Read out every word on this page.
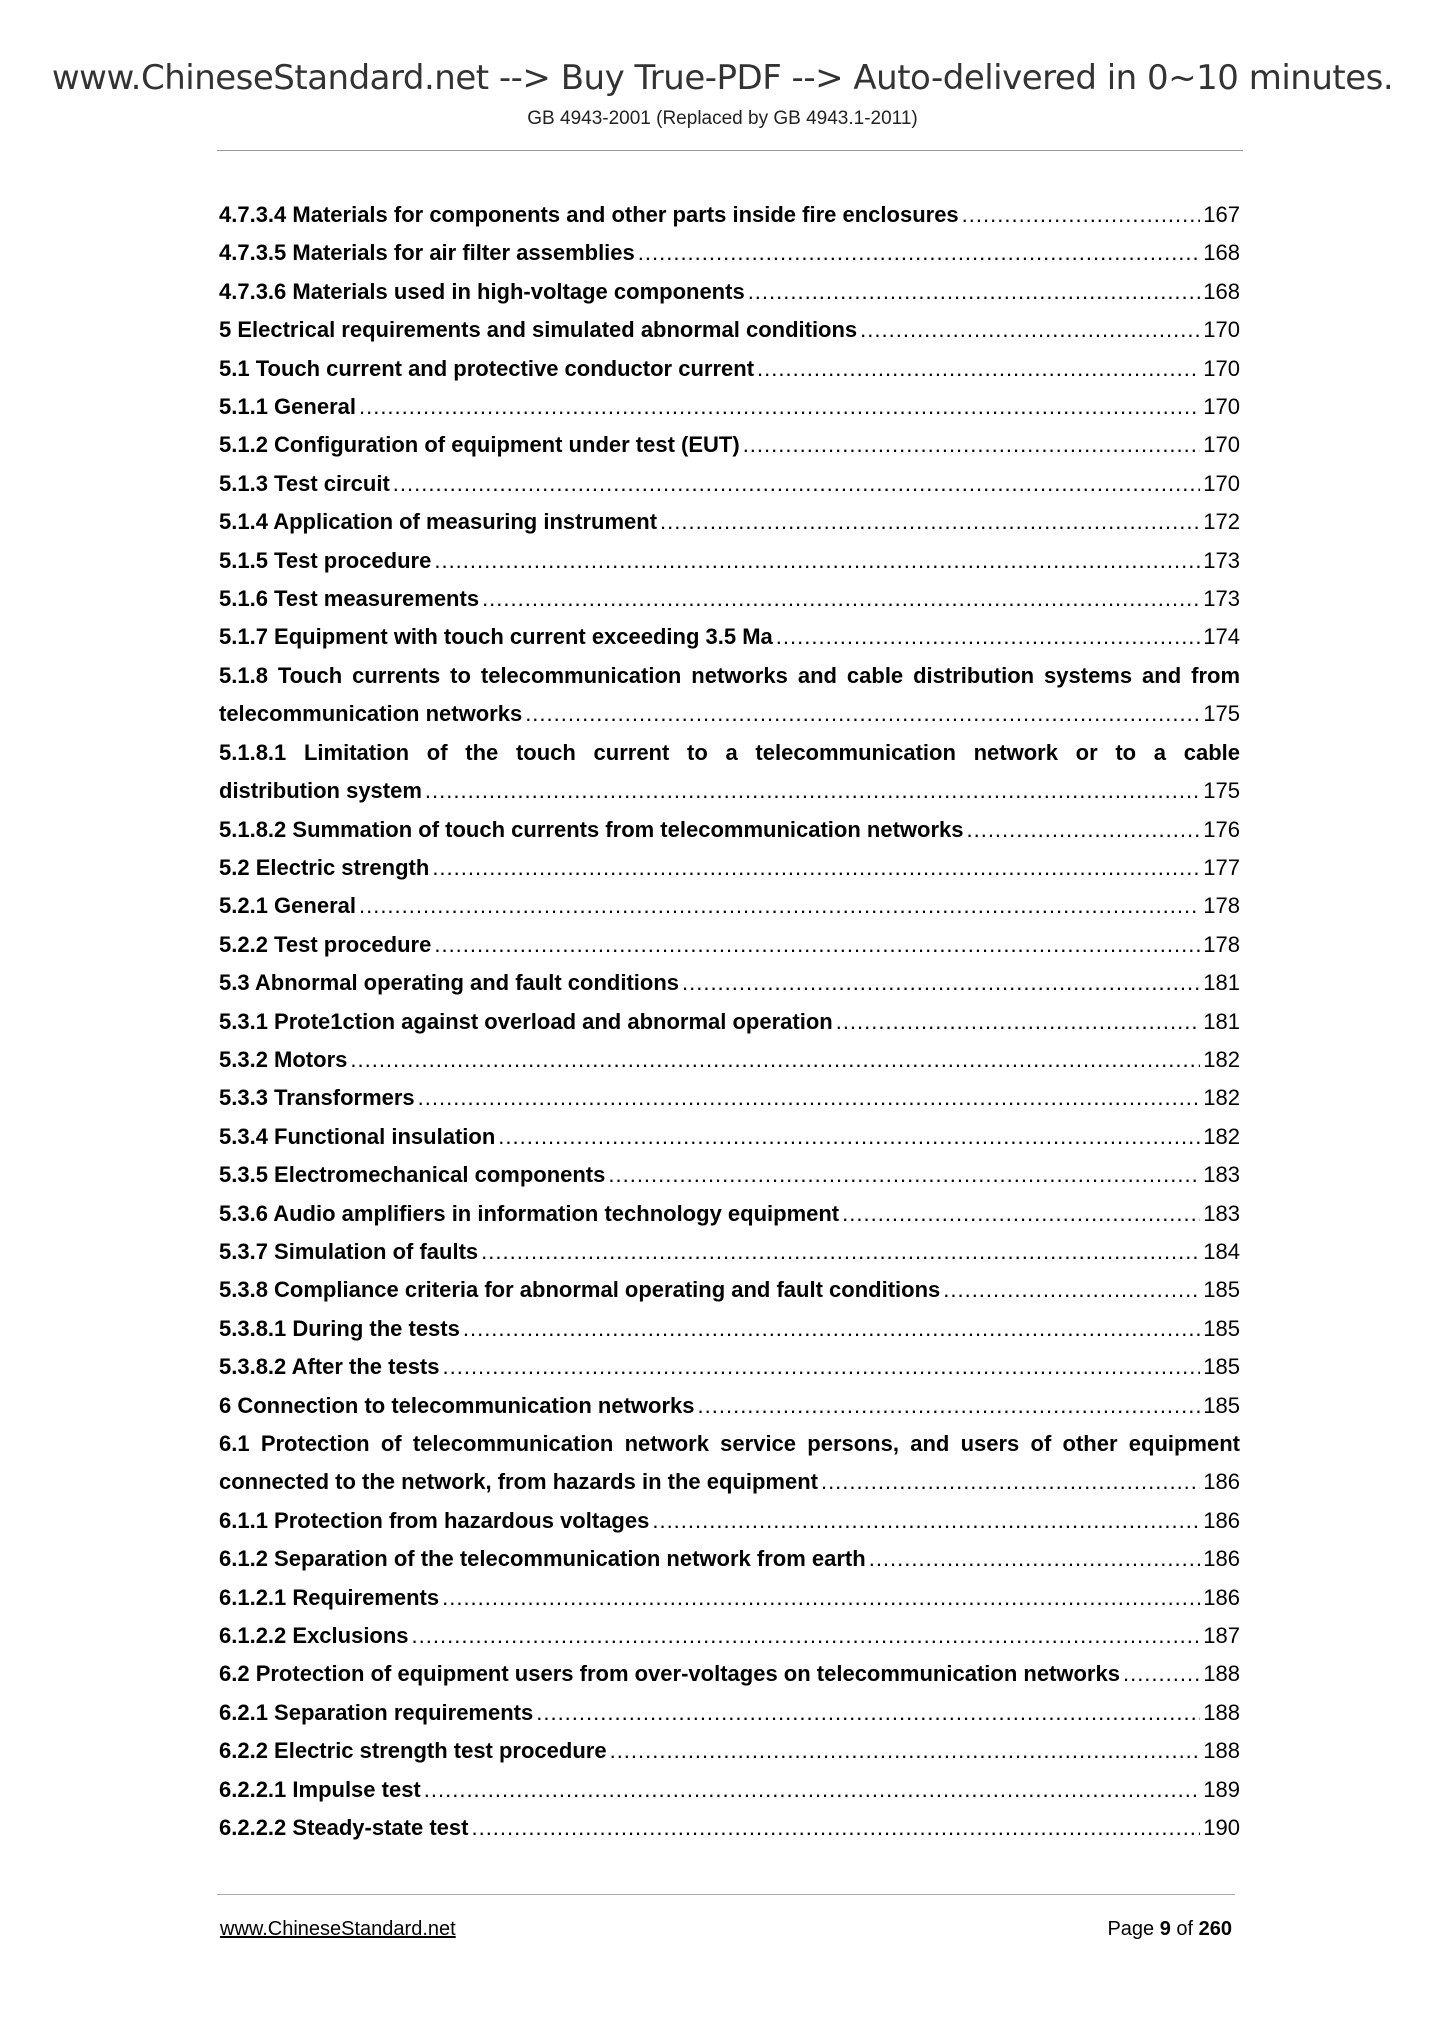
www.ChineseStandard.net --> Buy True-PDF --> Auto-delivered in 0~10 minutes.
GB 4943-2001 (Replaced by GB 4943.1-2011)
4.7.3.4 Materials for components and other parts inside fire enclosures .....	167
4.7.3.5 Materials for air filter assemblies .....	168
4.7.3.6 Materials used in high-voltage components .....	168
5 Electrical requirements and simulated abnormal conditions .....	170
5.1 Touch current and protective conductor current .....	170
5.1.1 General .....	170
5.1.2 Configuration of equipment under test (EUT) .....	170
5.1.3 Test circuit .....	170
5.1.4 Application of measuring instrument .....	172
5.1.5 Test procedure .....	173
5.1.6 Test measurements .....	173
5.1.7 Equipment with touch current exceeding 3.5 Ma .....	174
5.1.8 Touch currents to telecommunication networks and cable distribution systems and from
telecommunication networks .....	175
5.1.8.1 Limitation of the touch current to a telecommunication network or to a cable
distribution system .....	175
5.1.8.2 Summation of touch currents from telecommunication networks .....	176
5.2 Electric strength .....	177
5.2.1 General .....	178
5.2.2 Test procedure .....	178
5.3 Abnormal operating and fault conditions .....	181
5.3.1 Prote1ction against overload and abnormal operation .....	181
5.3.2 Motors .....	182
5.3.3 Transformers .....	182
5.3.4 Functional insulation .....	182
5.3.5 Electromechanical components .....	183
5.3.6 Audio amplifiers in information technology equipment .....	183
5.3.7 Simulation of faults .....	184
5.3.8 Compliance criteria for abnormal operating and fault conditions .....	185
5.3.8.1 During the tests .....	185
5.3.8.2 After the tests .....	185
6 Connection to telecommunication networks .....	185
6.1 Protection of telecommunication network service persons, and users of other equipment
connected to the network, from hazards in the equipment .....	186
6.1.1 Protection from hazardous voltages .....	186
6.1.2 Separation of the telecommunication network from earth .....	186
6.1.2.1 Requirements .....	186
6.1.2.2 Exclusions .....	187
6.2 Protection of equipment users from over-voltages on telecommunication networks .....	188
6.2.1 Separation requirements .....	188
6.2.2 Electric strength test procedure .....	188
6.2.2.1 Impulse test .....	189
6.2.2.2 Steady-state test .....	190
www.ChineseStandard.net	Page 9 of 260
